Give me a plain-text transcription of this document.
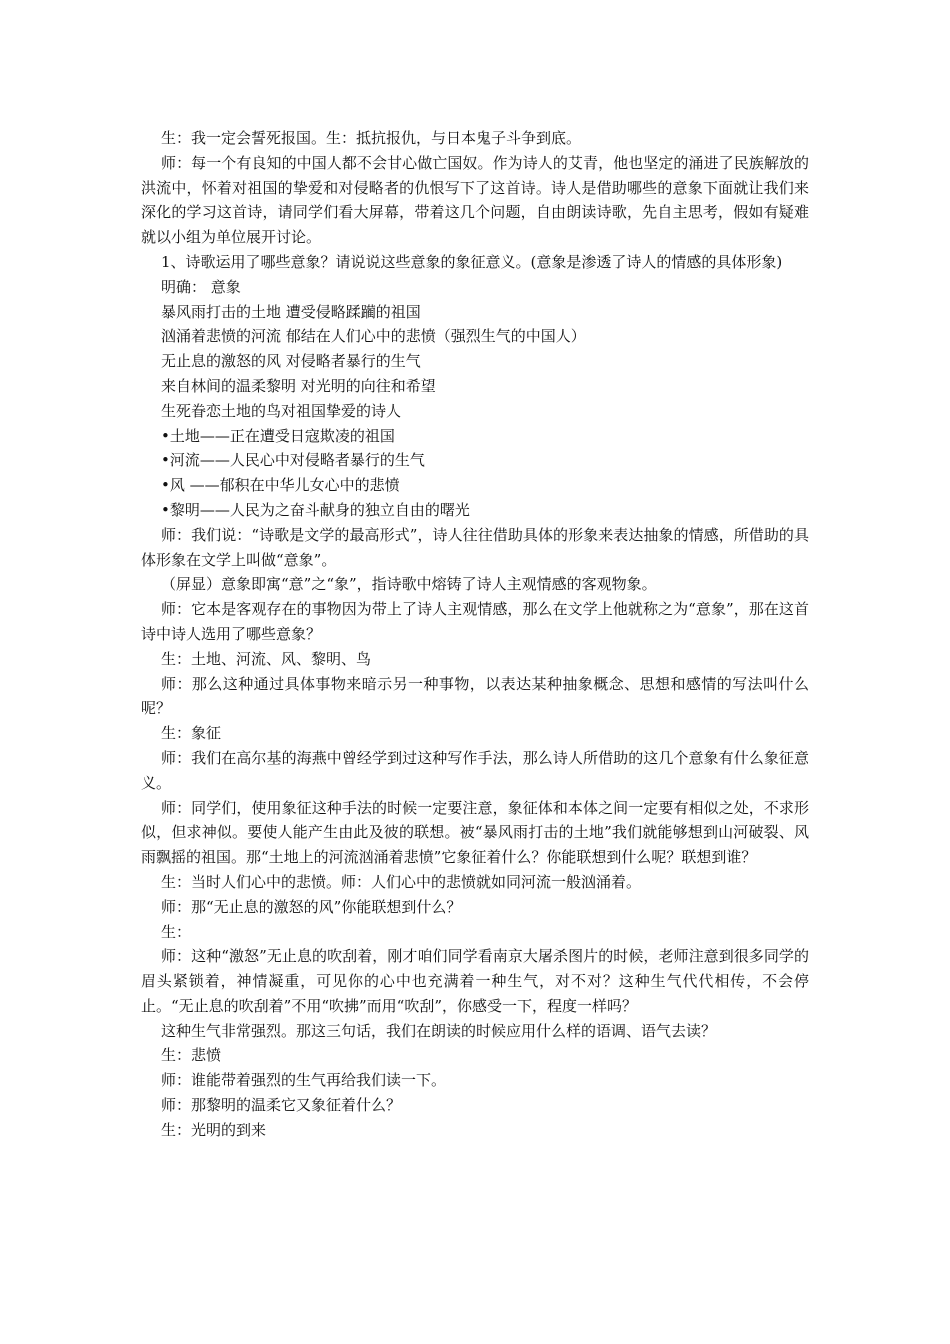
生：我一定会誓死报国。生：抵抗报仇，与日本鬼子斗争到底。

师：每一个有良知的中国人都不会甘心做亡国奴。作为诗人的艾青，他也坚定的涌进了民族解放的洪流中，怀着对祖国的挚爱和对侵略者的仇恨写下了这首诗。诗人是借助哪些的意象下面就让我们来深化的学习这首诗，请同学们看大屏幕，带着这几个问题，自由朗读诗歌，先自主思考，假如有疑难就以小组为单位展开讨论。

1、诗歌运用了哪些意象？请说说这些意象的象征意义。(意象是渗透了诗人的情感的具体形象)

明确： 意象

暴风雨打击的土地 遭受侵略蹂躏的祖国

汹涌着悲愤的河流 郁结在人们心中的悲愤（强烈生气的中国人）

无止息的激怒的风 对侵略者暴行的生气

来自林间的温柔黎明 对光明的向往和希望

生死眷恋土地的鸟对祖国挚爱的诗人

•土地——正在遭受日寇欺凌的祖国

•河流——人民心中对侵略者暴行的生气

•风 ——郁积在中华儿女心中的悲愤

•黎明——人民为之奋斗献身的独立自由的曙光

师：我们说：“诗歌是文学的最高形式”，诗人往往借助具体的形象来表达抽象的情感，所借助的具体形象在文学上叫做“意象”。

（屏显）意象即寓“意”之“象”，指诗歌中熔铸了诗人主观情感的客观物象。

师：它本是客观存在的事物因为带上了诗人主观情感，那么在文学上他就称之为“意象”，那在这首诗中诗人选用了哪些意象？

生：土地、河流、风、黎明、鸟

师：那么这种通过具体事物来暗示另一种事物，以表达某种抽象概念、思想和感情的写法叫什么呢？

生：象征

师：我们在高尔基的海燕中曾经学到过这种写作手法，那么诗人所借助的这几个意象有什么象征意义。

师：同学们，使用象征这种手法的时候一定要注意，象征体和本体之间一定要有相似之处，不求形似，但求神似。要使人能产生由此及彼的联想。被“暴风雨打击的土地”我们就能够想到山河破裂、风雨飘摇的祖国。那“土地上的河流汹涌着悲愤”它象征着什么？你能联想到什么呢？联想到谁？

生：当时人们心中的悲愤。师：人们心中的悲愤就如同河流一般汹涌着。

师：那“无止息的激怒的风”你能联想到什么？

生：

师：这种“激怒”无止息的吹刮着，刚才咱们同学看南京大屠杀图片的时候，老师注意到很多同学的眉头紧锁着，神情凝重，可见你的心中也充满着一种生气，对不对？这种生气代代相传，不会停止。“无止息的吹刮着”不用“吹拂”而用“吹刮”，你感受一下，程度一样吗？

这种生气非常强烈。那这三句话，我们在朗读的时候应用什么样的语调、语气去读？

生：悲愤

师：谁能带着强烈的生气再给我们读一下。

师：那黎明的温柔它又象征着什么？

生：光明的到来
